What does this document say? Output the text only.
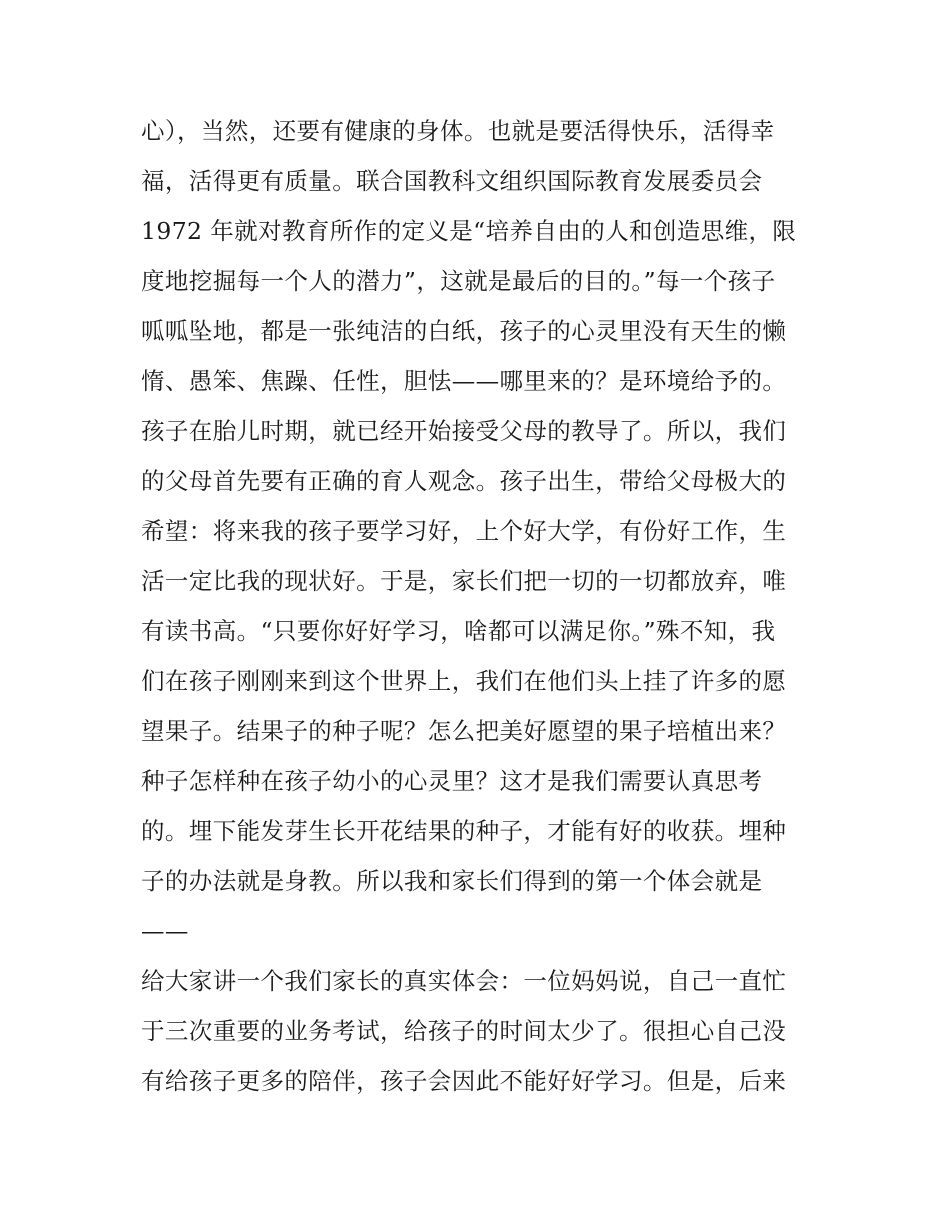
心），当然，还要有健康的身体。也就是要活得快乐，活得幸
福，活得更有质量。联合国教科文组织国际教育发展委员会
1972 年就对教育所作的定义是“培养自由的人和创造思维，限
度地挖掘每一个人的潜力”，这就是最后的目的。”每一个孩子
呱呱坠地，都是一张纯洁的白纸，孩子的心灵里没有天生的懒
惰、愚笨、焦躁、任性，胆怯——哪里来的？是环境给予的。
孩子在胎儿时期，就已经开始接受父母的教导了。所以，我们
的父母首先要有正确的育人观念。孩子出生，带给父母极大的
希望：将来我的孩子要学习好，上个好大学，有份好工作，生
活一定比我的现状好。于是，家长们把一切的一切都放弃，唯
有读书高。“只要你好好学习，啥都可以满足你。”殊不知，我
们在孩子刚刚来到这个世界上，我们在他们头上挂了许多的愿
望果子。结果子的种子呢？怎么把美好愿望的果子培植出来？
种子怎样种在孩子幼小的心灵里？这才是我们需要认真思考
的。埋下能发芽生长开花结果的种子，才能有好的收获。埋种
子的办法就是身教。所以我和家长们得到的第一个体会就是
——
给大家讲一个我们家长的真实体会：一位妈妈说，自己一直忙
于三次重要的业务考试，给孩子的时间太少了。很担心自己没
有给孩子更多的陪伴，孩子会因此不能好好学习。但是，后来
